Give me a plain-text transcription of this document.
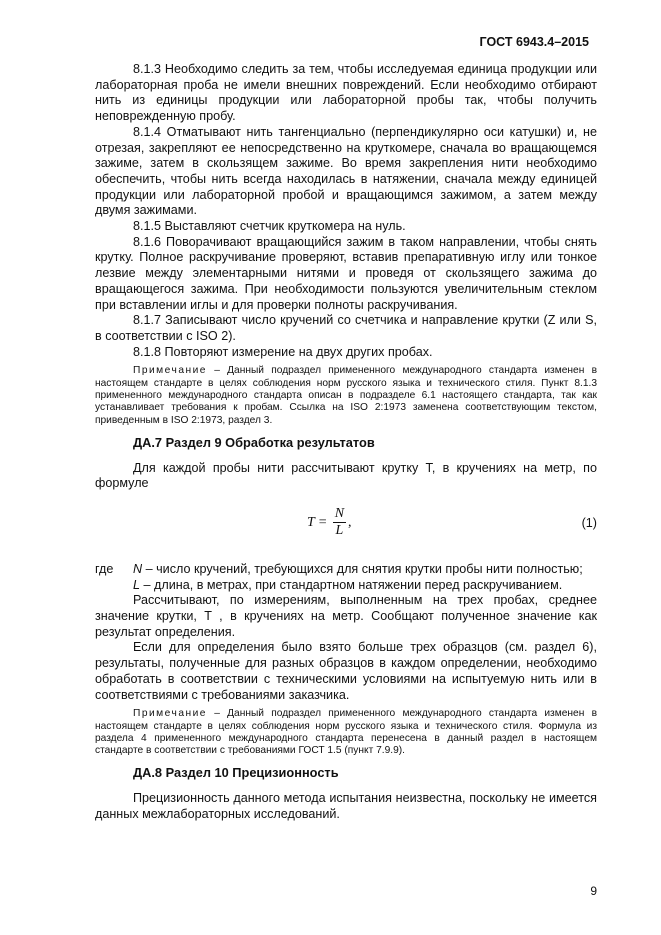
ГОСТ 6943.4–2015

8.1.3 Необходимо следить за тем, чтобы исследуемая единица продукции или лабораторная проба не имели внешних повреждений. Если необходимо отбирают нить из единицы продукции или лабораторной пробы так, чтобы получить неповрежденную пробу.

8.1.4 Отматывают нить тангенциально (перпендикулярно оси катушки) и, не отрезая, закрепляют ее непосредственно на круткомере, сначала во вращающемся зажиме, затем в скользящем зажиме. Во время закрепления нити необходимо обеспечить, чтобы нить всегда находилась в натяжении, сначала между единицей продукции или лабораторной пробой и вращающимся зажимом, а затем между двумя зажимами.

8.1.5 Выставляют счетчик круткомера на нуль.

8.1.6 Поворачивают вращающийся зажим в таком направлении, чтобы снять крутку. Полное раскручивание проверяют, вставив препаративную иглу или тонкое лезвие между элементарными нитями и проведя от скользящего зажима до вращающегося зажима. При необходимости пользуются увеличительным стеклом при вставлении иглы и для проверки полноты раскручивания.

8.1.7 Записывают число кручений со счетчика и направление крутки (Z или S, в соответствии с ISO 2).

8.1.8 Повторяют измерение на двух других пробах.

Примечание – Данный подраздел примененного международного стандарта изменен в настоящем стандарте в целях соблюдения норм русского языка и технического стиля. Пункт 8.1.3 примененного международного стандарта описан в подразделе 6.1 настоящего стандарта, так как устанавливает требования к пробам. Ссылка на ISO 2:1973 заменена соответствующим текстом, приведенным в ISO 2:1973, раздел 3.

ДА.7 Раздел 9 Обработка результатов

Для каждой пробы нити рассчитывают крутку T, в кручениях на метр, по формуле

$T = \frac{N}{L}$ ,	(1)
где	N – число кручений, требующихся для снятия крутки пробы нити полностью;

L – длина, в метрах, при стандартном натяжении перед раскручиванием.

Рассчитывают, по измерениям, выполненным на трех пробах, среднее значение крутки, T , в кручениях на метр. Сообщают полученное значение как результат определения.

Если для определения было взято больше трех образцов (см. раздел 6), результаты, полученные для разных образцов в каждом определении, необходимо обработать в соответствии с техническими условиями на испытуемую нить или в соответствиями с требованиями заказчика.

Примечание – Данный подраздел примененного международного стандарта изменен в настоящем стандарте в целях соблюдения норм русского языка и технического стиля. Формула из раздела 4 примененного международного стандарта перенесена в данный раздел в настоящем стандарте в соответствии с требованиями ГОСТ 1.5 (пункт 7.9.9).

ДА.8 Раздел 10 Прецизионность

Прецизионность данного метода испытания неизвестна, поскольку не имеется данных межлабораторных исследований.

9
